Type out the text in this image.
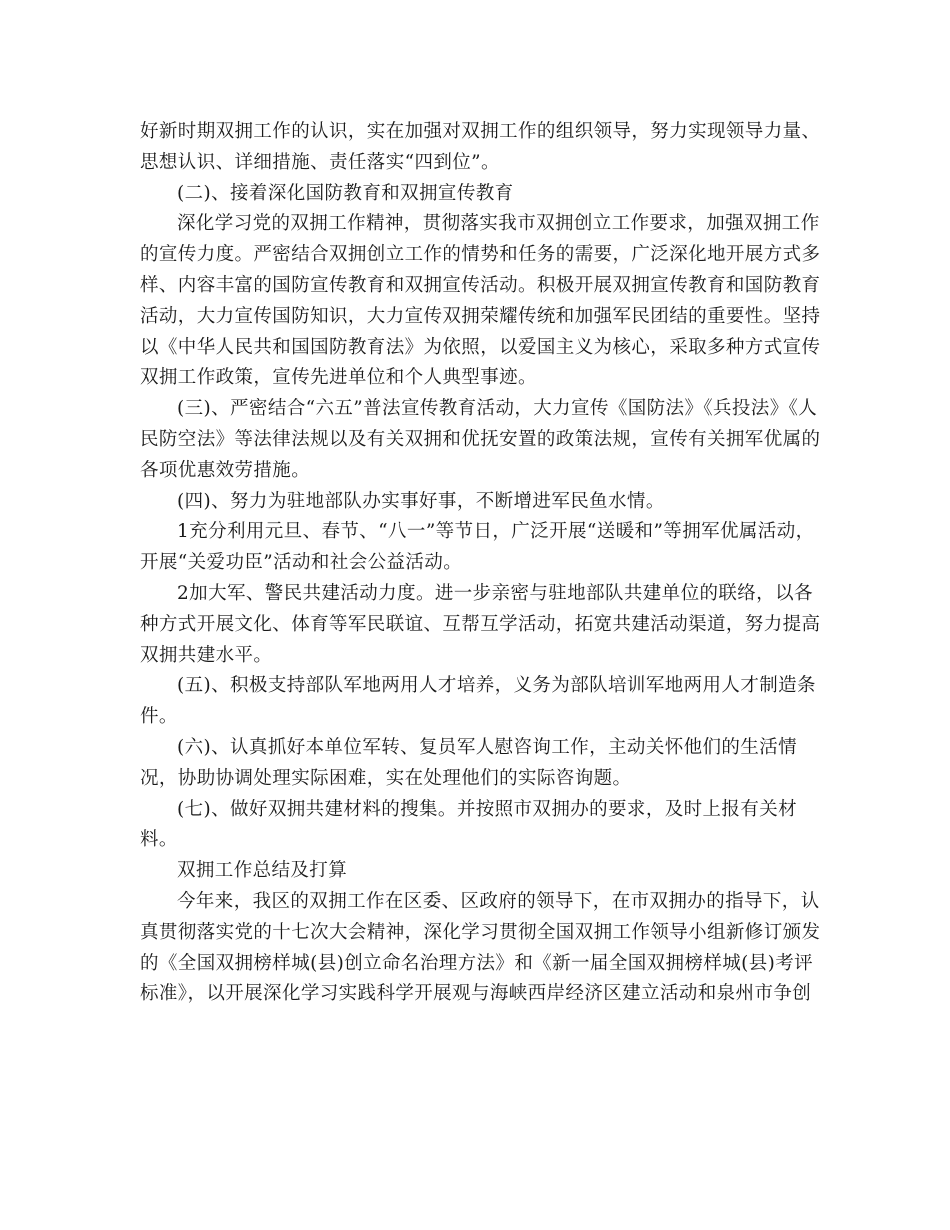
好新时期双拥工作的认识，实在加强对双拥工作的组织领导，努力实现领导力量、思想认识、详细措施、责任落实“四到位”。

(二)、接着深化国防教育和双拥宣传教育

深化学习党的双拥工作精神，贯彻落实我市双拥创立工作要求，加强双拥工作的宣传力度。严密结合双拥创立工作的情势和任务的需要，广泛深化地开展方式多样、内容丰富的国防宣传教育和双拥宣传活动。积极开展双拥宣传教育和国防教育活动，大力宣传国防知识，大力宣传双拥荣耀传统和加强军民团结的重要性。坚持以《中华人民共和国国防教育法》为依照，以爱国主义为核心，采取多种方式宣传双拥工作政策，宣传先进单位和个人典型事迹。

(三)、严密结合“六五”普法宣传教育活动，大力宣传《国防法》《兵投法》《人民防空法》等法律法规以及有关双拥和优抚安置的政策法规，宣传有关拥军优属的各项优惠效劳措施。

(四)、努力为驻地部队办实事好事，不断增进军民鱼水情。

1充分利用元旦、春节、“八一”等节日，广泛开展“送暖和”等拥军优属活动，开展“关爱功臣”活动和社会公益活动。

2加大军、警民共建活动力度。进一步亲密与驻地部队共建单位的联络，以各种方式开展文化、体育等军民联谊、互帮互学活动，拓宽共建活动渠道，努力提高双拥共建水平。

(五)、积极支持部队军地两用人才培养，义务为部队培训军地两用人才制造条件。

(六)、认真抓好本单位军转、复员军人慰咨询工作，主动关怀他们的生活情况，协助协调处理实际困难，实在处理他们的实际咨询题。

(七)、做好双拥共建材料的搜集。并按照市双拥办的要求，及时上报有关材料。

双拥工作总结及打算

今年来，我区的双拥工作在区委、区政府的领导下，在市双拥办的指导下，认真贯彻落实党的十七次大会精神，深化学习贯彻全国双拥工作领导小组新修订颁发的《全国双拥榜样城(县)创立命名治理方法》和《新一届全国双拥榜样城(县)考评标准》，以开展深化学习实践科学开展观与海峡西岸经济区建立活动和泉州市争创
